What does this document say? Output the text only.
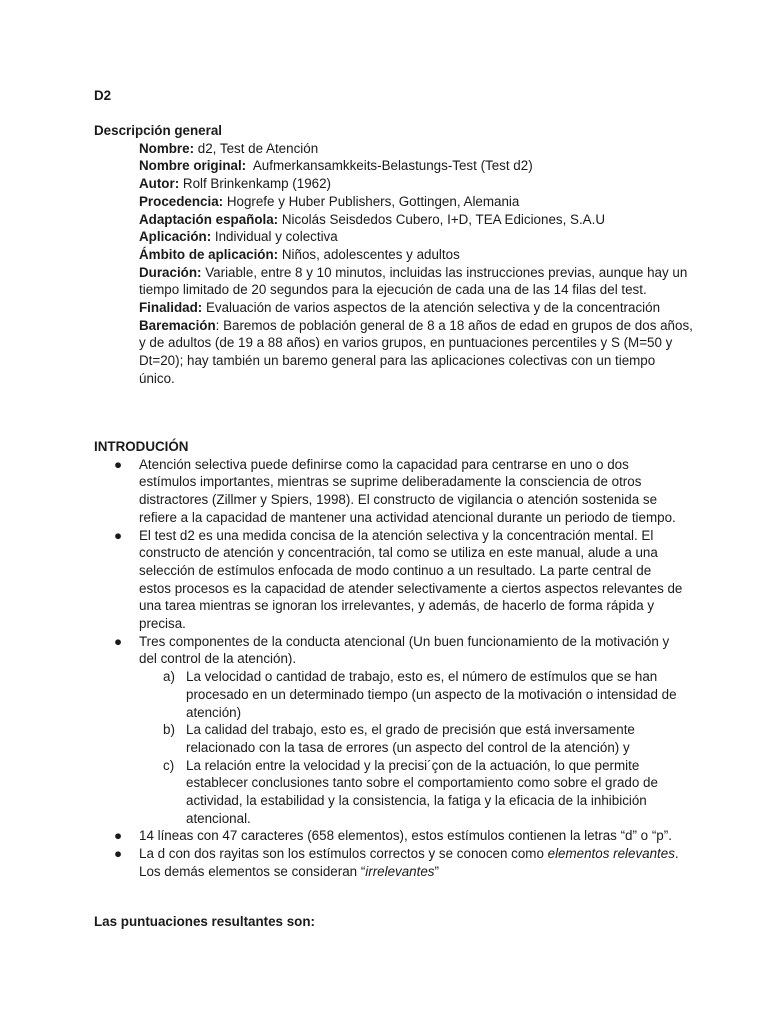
D2
Descripción general
Nombre: d2, Test de Atención
Nombre original:  Aufmerkansamkkeits-Belastungs-Test (Test d2)
Autor: Rolf Brinkenkamp (1962)
Procedencia: Hogrefe y Huber Publishers, Gottingen, Alemania
Adaptación española: Nicolás Seisdedos Cubero, I+D, TEA Ediciones, S.A.U
Aplicación: Individual y colectiva
Ámbito de aplicación: Niños, adolescentes y adultos
Duración: Variable, entre 8 y 10 minutos, incluidas las instrucciones previas, aunque hay un tiempo limitado de 20 segundos para la ejecución de cada una de las 14 filas del test.
Finalidad: Evaluación de varios aspectos de la atención selectiva y de la concentración
Baremación: Baremos de población general de 8 a 18 años de edad en grupos de dos años, y de adultos (de 19 a 88 años) en varios grupos, en puntuaciones percentiles y S (M=50 y Dt=20); hay también un baremo general para las aplicaciones colectivas con un tiempo único.
INTRODUCIÓN
● Atención selectiva puede definirse como la capacidad para centrarse en uno o dos estímulos importantes, mientras se suprime deliberadamente la consciencia de otros distractores (Zillmer y Spiers, 1998). El constructo de vigilancia o atención sostenida se refiere a la capacidad de mantener una actividad atencional durante un periodo de tiempo.
● El test d2 es una medida concisa de la atención selectiva y la concentración mental. El constructo de atención y concentración, tal como se utiliza en este manual, alude a una selección de estímulos enfocada de modo continuo a un resultado. La parte central de estos procesos es la capacidad de atender selectivamente a ciertos aspectos relevantes de una tarea mientras se ignoran los irrelevantes, y además, de hacerlo de forma rápida y precisa.
● Tres componentes de la conducta atencional (Un buen funcionamiento de la motivación y del control de la atención).
a) La velocidad o cantidad de trabajo, esto es, el número de estímulos que se han procesado en un determinado tiempo (un aspecto de la motivación o intensidad de atención)
b) La calidad del trabajo, esto es, el grado de precisión que está inversamente relacionado con la tasa de errores (un aspecto del control de la atención) y
c) La relación entre la velocidad y la precisi´çon de la actuación, lo que permite establecer conclusiones tanto sobre el comportamiento como sobre el grado de actividad, la estabilidad y la consistencia, la fatiga y la eficacia de la inhibición atencional.
● 14 líneas con 47 caracteres (658 elementos), estos estímulos contienen la letras “d” o “p”.
● La d con dos rayitas son los estímulos correctos y se conocen como elementos relevantes. Los demás elementos se consideran “irrelevantes”
Las puntuaciones resultantes son:
